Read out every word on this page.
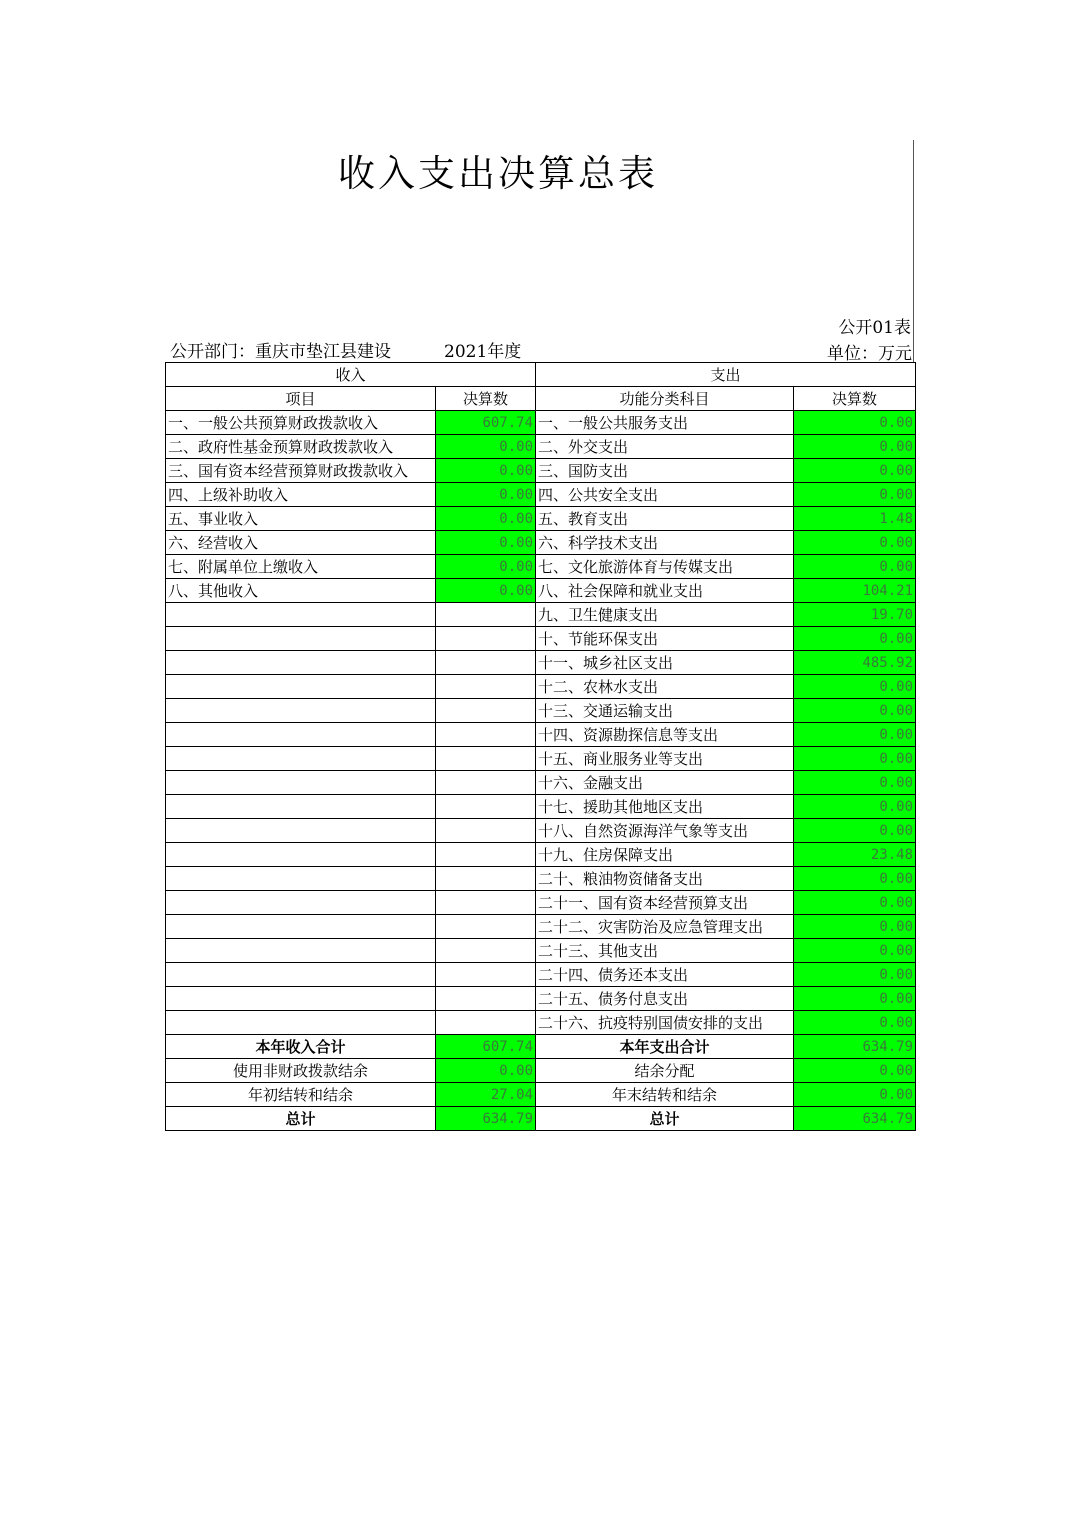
收入支出决算总表
公开01表
公开部门：重庆市垫江县建设	2021年度	单位：万元
收入		支出	
项目	决算数	功能分类科目	决算数
一、一般公共预算财政拨款收入	607.74	一、一般公共服务支出	0.00
二、政府性基金预算财政拨款收入	0.00	二、外交支出	0.00
三、国有资本经营预算财政拨款收入	0.00	三、国防支出	0.00
四、上级补助收入	0.00	四、公共安全支出	0.00
五、事业收入	0.00	五、教育支出	1.48
六、经营收入	0.00	六、科学技术支出	0.00
七、附属单位上缴收入	0.00	七、文化旅游体育与传媒支出	0.00
八、其他收入	0.00	八、社会保障和就业支出	104.21
		九、卫生健康支出	19.70
		十、节能环保支出	0.00
		十一、城乡社区支出	485.92
		十二、农林水支出	0.00
		十三、交通运输支出	0.00
		十四、资源勘探信息等支出	0.00
		十五、商业服务业等支出	0.00
		十六、金融支出	0.00
		十七、援助其他地区支出	0.00
		十八、自然资源海洋气象等支出	0.00
		十九、住房保障支出	23.48
		二十、粮油物资储备支出	0.00
		二十一、国有资本经营预算支出	0.00
		二十二、灾害防治及应急管理支出	0.00
		二十三、其他支出	0.00
		二十四、债务还本支出	0.00
		二十五、债务付息支出	0.00
		二十六、抗疫特别国债安排的支出	0.00
本年收入合计	607.74	本年支出合计	634.79
使用非财政拨款结余	0.00	结余分配	0.00
年初结转和结余	27.04	年末结转和结余	0.00
总计	634.79	总计	634.79
